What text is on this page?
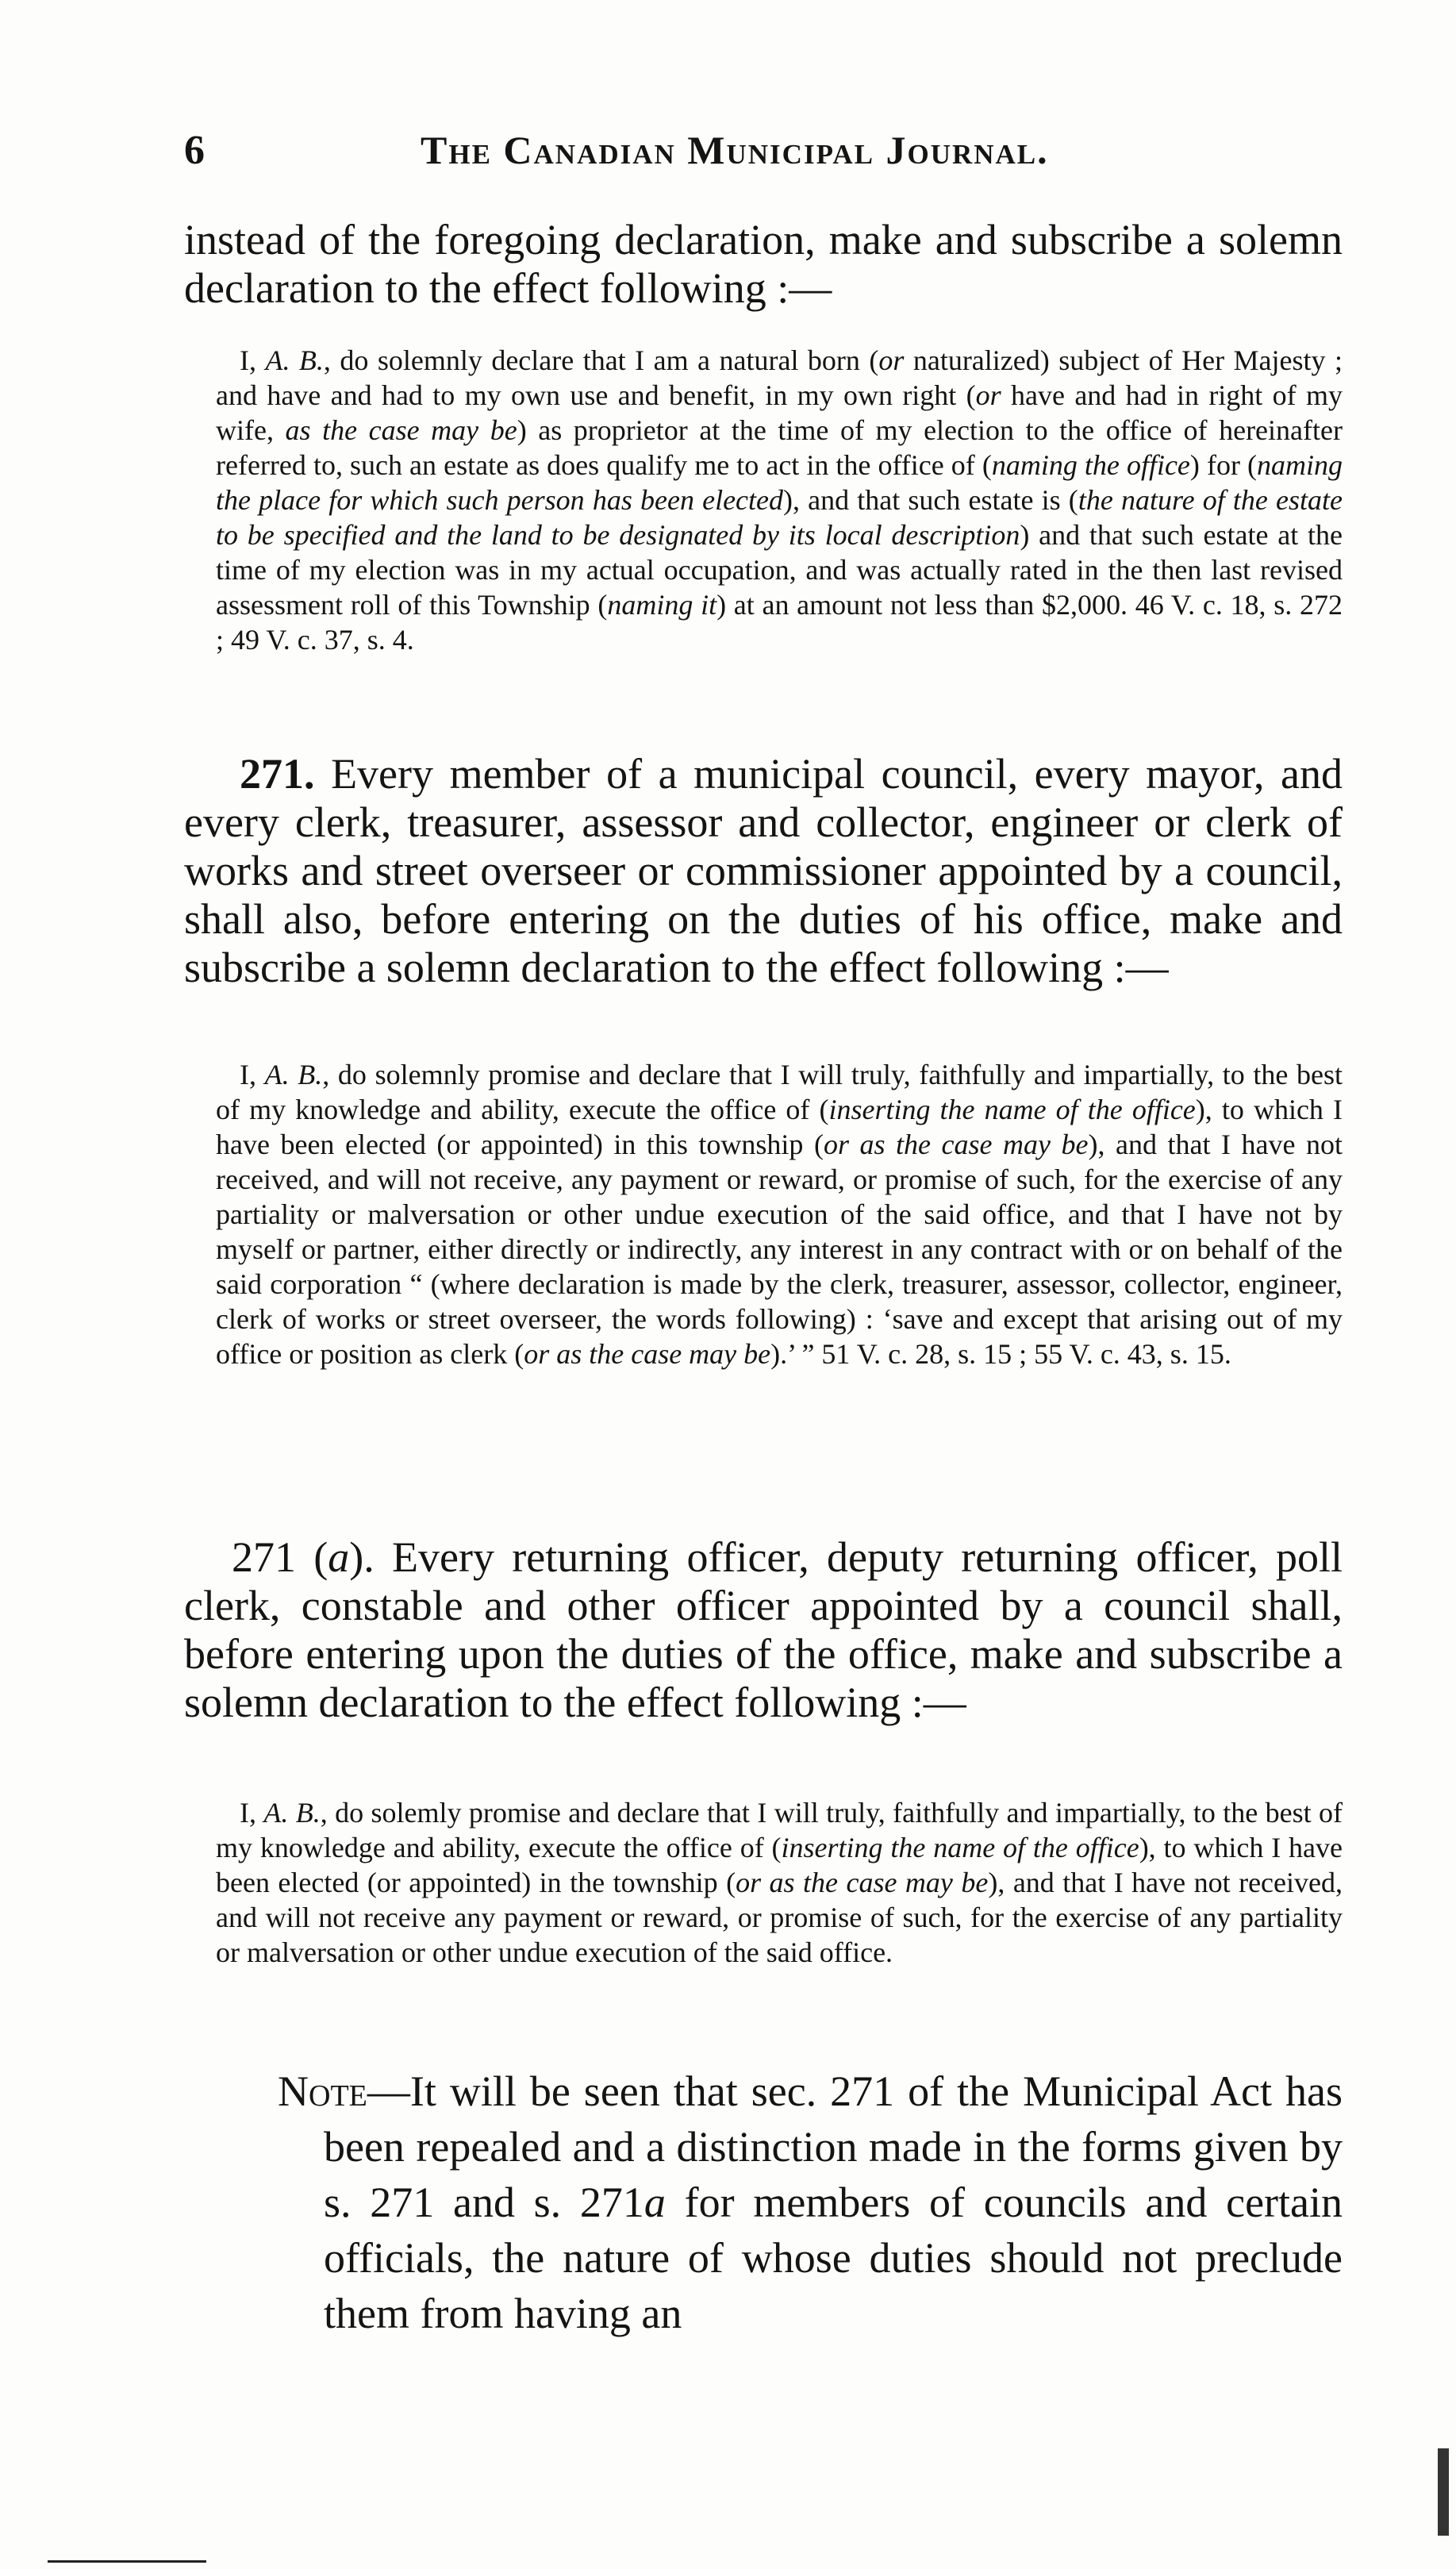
6	The Canadian Municipal Journal.
instead of the foregoing declaration, make and subscribe a solemn declaration to the effect following :—

I, A. B., do solemnly declare that I am a natural born (or naturalized) subject of Her Majesty ; and have and had to my own use and benefit, in my own right (or have and had in right of my wife, as the case may be) as proprietor at the time of my election to the office of hereinafter referred to, such an estate as does qualify me to act in the office of (naming the office) for (naming the place for which such person has been elected), and that such estate is (the nature of the estate to be specified and the land to be designated by its local description) and that such estate at the time of my election was in my actual occupation, and was actually rated in the then last revised assessment roll of this Township (naming it) at an amount not less than $2,000. 46 V. c. 18, s. 272 ; 49 V. c. 37, s. 4.

271. Every member of a municipal council, every mayor, and every clerk, treasurer, assessor and collector, engineer or clerk of works and street overseer or commissioner appointed by a council, shall also, before entering on the duties of his office, make and subscribe a solemn declaration to the effect following :—

I, A. B., do solemnly promise and declare that I will truly, faithfully and impartially, to the best of my knowledge and ability, execute the office of (inserting the name of the office), to which I have been elected (or appointed) in this township (or as the case may be), and that I have not received, and will not receive, any payment or reward, or promise of such, for the exercise of any partiality or malversation or other undue execution of the said office, and that I have not by myself or partner, either directly or indirectly, any interest in any contract with or on behalf of the said corporation “ (where declaration is made by the clerk, treasurer, assessor, collector, engineer, clerk of works or street overseer, the words following) : ‘save and except that arising out of my office or position as clerk (or as the case may be).’ ” 51 V. c. 28, s. 15 ; 55 V. c. 43, s. 15.

271 (a). Every returning officer, deputy returning officer, poll clerk, constable and other officer appointed by a council shall, before entering upon the duties of the office, make and subscribe a solemn declaration to the effect following :—

I, A. B., do solemly promise and declare that I will truly, faithfully and impartially, to the best of my knowledge and ability, execute the office of (inserting the name of the office), to which I have been elected (or appointed) in the township (or as the case may be), and that I have not received, and will not receive any payment or reward, or promise of such, for the exercise of any partiality or malversation or other undue execution of the said office.

Note—It will be seen that sec. 271 of the Municipal Act has been repealed and a distinction made in the forms given by s. 271 and s. 271a for members of councils and certain officials, the nature of whose duties should not preclude them from having an
